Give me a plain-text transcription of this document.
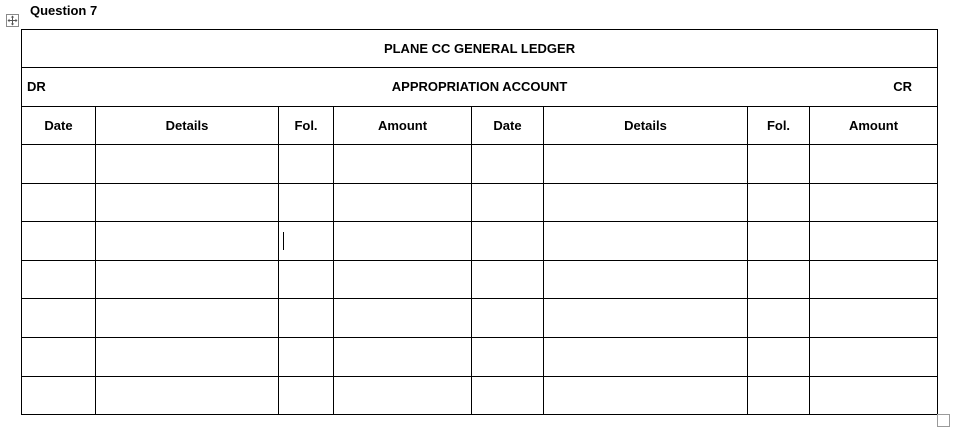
Question 7
PLANE CC GENERAL LEDGER							

DR APPROPRIATION ACCOUNT CR							

Date	Details	Fol.	Amount	Date	Details	Fol.	Amount
